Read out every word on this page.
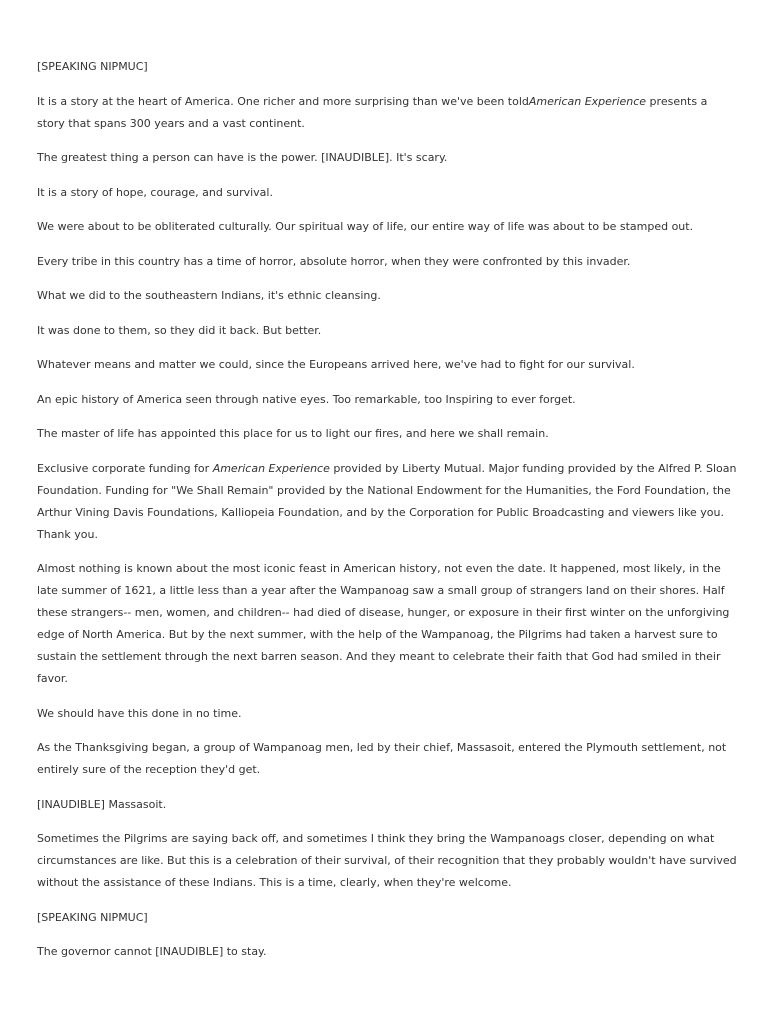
[SPEAKING NIPMUC]

It is a story at the heart of America. One richer and more surprising than we've been toldAmerican Experience presents a story that spans 300 years and a vast continent.

The greatest thing a person can have is the power. [INAUDIBLE]. It's scary.

It is a story of hope, courage, and survival.

We were about to be obliterated culturally. Our spiritual way of life, our entire way of life was about to be stamped out.

Every tribe in this country has a time of horror, absolute horror, when they were confronted by this invader.

What we did to the southeastern Indians, it's ethnic cleansing.

It was done to them, so they did it back. But better.

Whatever means and matter we could, since the Europeans arrived here, we've had to fight for our survival.

An epic history of America seen through native eyes. Too remarkable, too Inspiring to ever forget.

The master of life has appointed this place for us to light our fires, and here we shall remain.

Exclusive corporate funding for American Experience provided by Liberty Mutual. Major funding provided by the Alfred P. Sloan Foundation. Funding for "We Shall Remain" provided by the National Endowment for the Humanities, the Ford Foundation, the Arthur Vining Davis Foundations, Kalliopeia Foundation, and by the Corporation for Public Broadcasting and viewers like you. Thank you.

Almost nothing is known about the most iconic feast in American history, not even the date. It happened, most likely, in the late summer of 1621, a little less than a year after the Wampanoag saw a small group of strangers land on their shores. Half these strangers-- men, women, and children-- had died of disease, hunger, or exposure in their first winter on the unforgiving edge of North America. But by the next summer, with the help of the Wampanoag, the Pilgrims had taken a harvest sure to sustain the settlement through the next barren season. And they meant to celebrate their faith that God had smiled in their favor.

We should have this done in no time.

As the Thanksgiving began, a group of Wampanoag men, led by their chief, Massasoit, entered the Plymouth settlement, not entirely sure of the reception they'd get.

[INAUDIBLE] Massasoit.

Sometimes the Pilgrims are saying back off, and sometimes I think they bring the Wampanoags closer, depending on what circumstances are like. But this is a celebration of their survival, of their recognition that they probably wouldn't have survived without the assistance of these Indians. This is a time, clearly, when they're welcome.

[SPEAKING NIPMUC]

The governor cannot [INAUDIBLE] to stay.
